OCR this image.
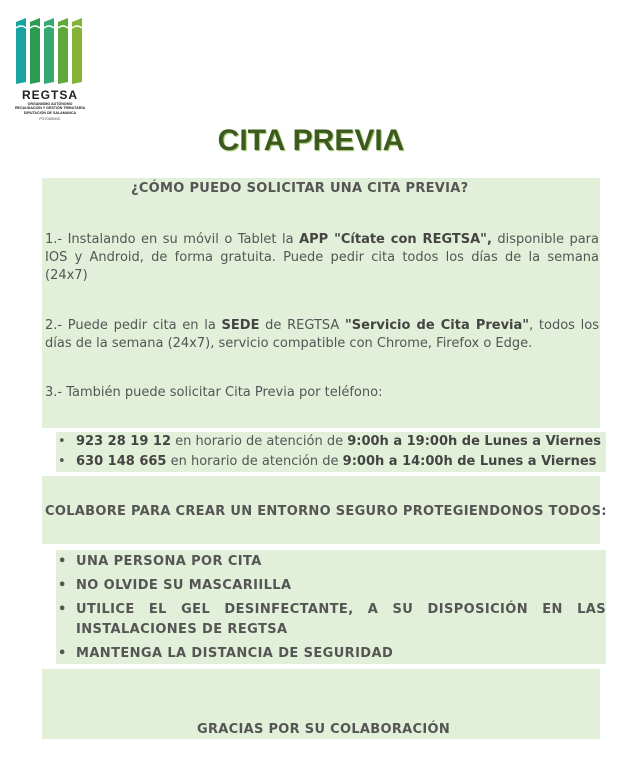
REGTSA
ORGANISMO AUTÓNOMO
RECAUDACIÓN Y GESTIÓN TRIBUTARIA
DIPUTACIÓN DE SALAMANCA
P3700000C
CITA PREVIA
¿CÓMO PUEDO SOLICITAR UNA CITA PREVIA?
1.- Instalando en su móvil o Tablet la APP "Cítate con REGTSA", disponible para IOS y Android, de forma gratuita. Puede pedir cita todos los días de la semana (24x7)
2.- Puede pedir cita en la SEDE de REGTSA "Servicio de Cita Previa", todos los días de la semana (24x7), servicio compatible con Chrome, Firefox o Edge.
3.- También puede solicitar Cita Previa por teléfono:
• 923 28 19 12 en horario de atención de 9:00h a 19:00h de Lunes a Viernes
• 630 148 665 en horario de atención de 9:00h a 14:00h de Lunes a Viernes
COLABORE PARA CREAR UN ENTORNO SEGURO PROTEGIENDONOS TODOS:
• UNA PERSONA POR CITA
• NO OLVIDE SU MASCARIILLA
• UTILICE EL GEL DESINFECTANTE, A SU DISPOSICIÓN EN LAS INSTALACIONES DE REGTSA
• MANTENGA LA DISTANCIA DE SEGURIDAD
GRACIAS POR SU COLABORACIÓN
